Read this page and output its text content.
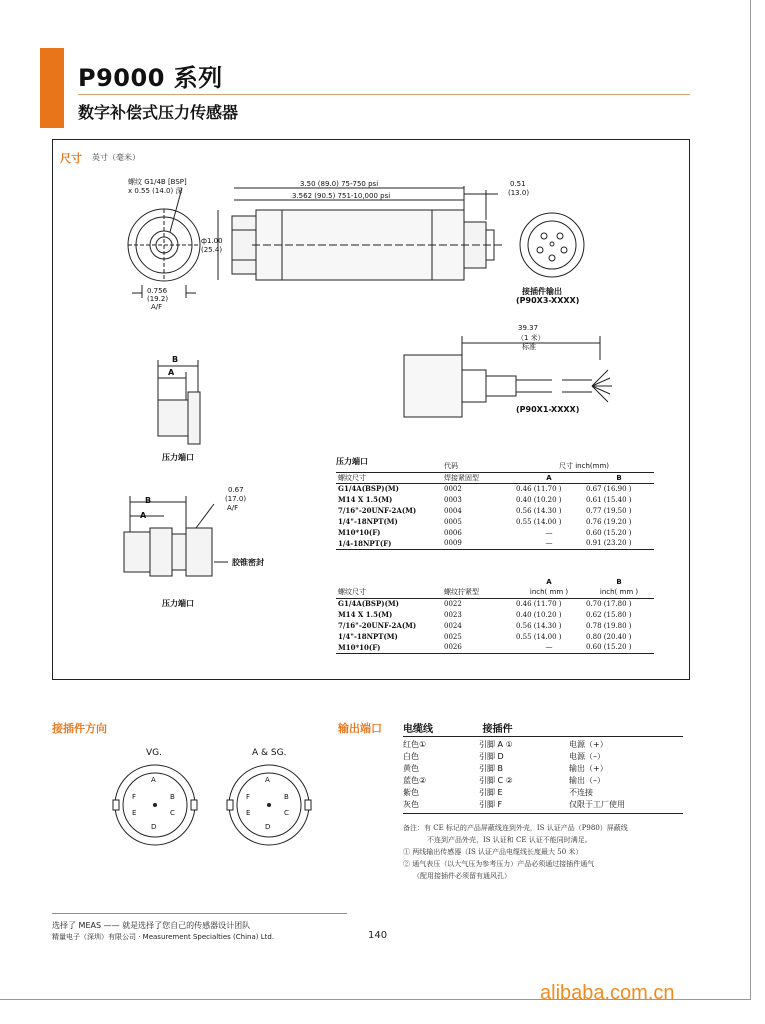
P9000 系列
数字补偿式压力传感器
尺寸 英寸（毫米）
螺纹 G1/4B [BSP]
x 0.55 (14.0) 深
3.50 (89.0) 75-750 psi
3.562 (90.5) 751-10,000 psi
0.51
(13.0)
ф1.00
(25.4)
0.756
(19.2)
A/F
接插件输出
(P90X3-XXXX)
39.37
（1 米）
标准
(P90X1-XXXX)
B
A
压力端口
B
A
0.67
(17.0)
A/F
胶锥密封
压力端口
压力端口
	代码	尺寸 inch(mm)	
螺纹尺寸	焊接紧固型	A	B
G1/4A(BSP)(M)	0002	0.46 (11.70 )	0.67 (16.90 )
M14 X 1.5(M)	0003	0.40 (10.20 )	0.61 (15.40 )
7/16"-20UNF-2A(M)	0004	0.56 (14.30 )	0.77 (19.50 )
1/4"-18NPT(M)	0005	0.55 (14.00 )	0.76 (19.20 )
M10*10(F)	0006	—	0.60 (15.20 )
1/4-18NPT(F)	0009	—	0.91 (23.20 )
		A	B
螺纹尺寸	螺纹拧紧型	inch( mm )	inch( mm )
G1/4A(BSP)(M)	0022	0.46 (11.70 )	0.70 (17.80 )
M14 X 1.5(M)	0023	0.40 (10.20 )	0.62 (15.80 )
7/16"-20UNF-2A(M)	0024	0.56 (14.30 )	0.78 (19.80 )
1/4"-18NPT(M)	0025	0.55 (14.00 )	0.80 (20.40 )
M10*10(F)	0026	—	0.60 (15.20 )
接插件方向
VG.	A & SG.
A
B
C
D
E
F
A
B
C
D
E
F
输出端口 电缆线	接插件
红色①	引脚 A ①	电源（+）
白色	引脚 D	电源（–）
黄色	引脚 B	输出（+）
蓝色②	引脚 C ②	输出（–）
紫色	引脚 E	不连接
灰色	引脚 F	仅限于工厂使用
备注：有 CE 标记的产品屏蔽线连到外壳，IS 认证产品（P980）屏蔽线
不连到产品外壳，IS 认证和 CE 认证不能同时满足。
① 两线输出传感器（IS 认证产品电缆线长度最大 50 米）
② 通气表压（以大气压为参考压力）产品必须通过接插件通气
（配用接插件必须留有通风孔）
选择了 MEAS —— 就是选择了您自己的传感器设计团队
精量电子（深圳）有限公司 · Measurement Specialties (China) Ltd.	140
alibaba.com.cn
